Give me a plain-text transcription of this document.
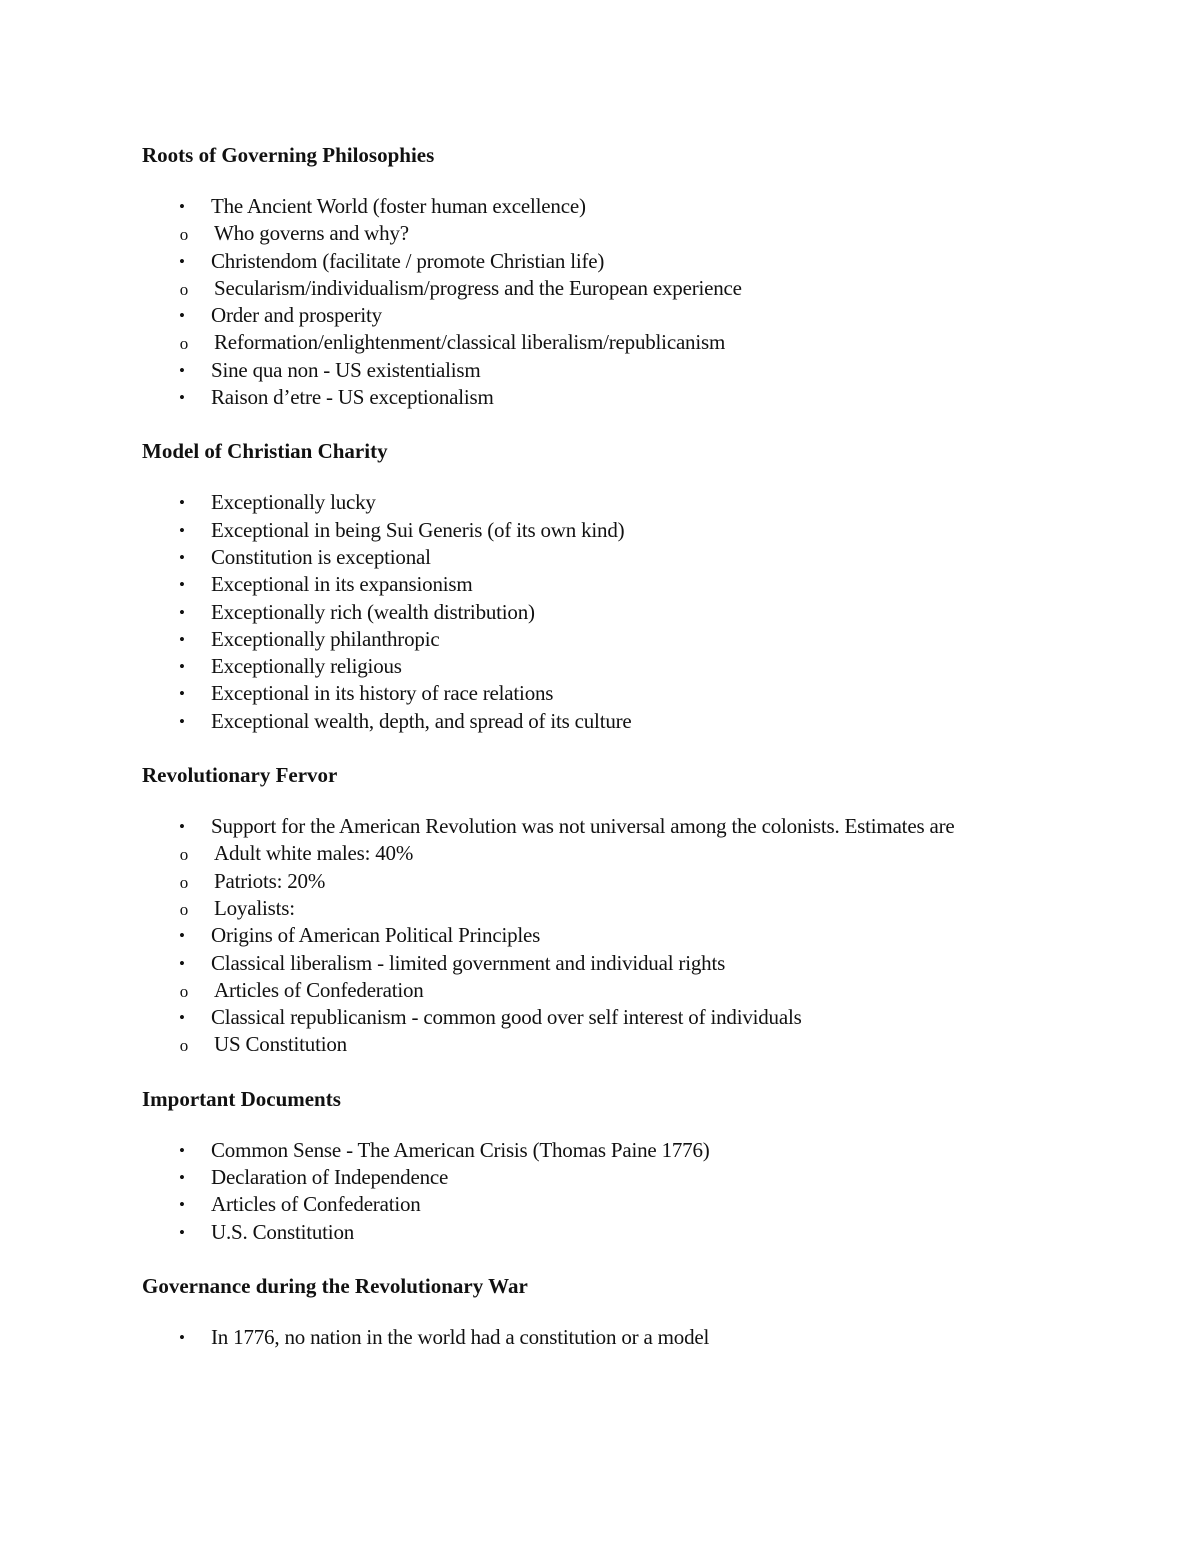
Roots of Governing Philosophies
•	The Ancient World (foster human excellence)
o Who governs and why?
•	Christendom (facilitate / promote Christian life)
o Secularism/individualism/progress and the European experience
•	Order and prosperity
o Reformation/enlightenment/classical liberalism/republicanism
•	Sine qua non - US existentialism
•	Raison d’etre - US exceptionalism
Model of Christian Charity
•	Exceptionally lucky
•	Exceptional in being Sui Generis (of its own kind)
•	Constitution is exceptional
•	Exceptional in its expansionism
•	Exceptionally rich (wealth distribution)
•	Exceptionally philanthropic
•	Exceptionally religious
•	Exceptional in its history of race relations
•	Exceptional wealth, depth, and spread of its culture
Revolutionary Fervor
•	Support for the American Revolution was not universal among the colonists. Estimates are
o Adult white males: 40%
o Patriots: 20%
o Loyalists:
•	Origins of American Political Principles
•	Classical liberalism - limited government and individual rights
o Articles of Confederation
•	Classical republicanism - common good over self interest of individuals
o US Constitution
Important Documents
•	Common Sense - The American Crisis (Thomas Paine 1776)
•	Declaration of Independence
•	Articles of Confederation
•	U.S. Constitution
Governance during the Revolutionary War
•	In 1776, no nation in the world had a constitution or a model
